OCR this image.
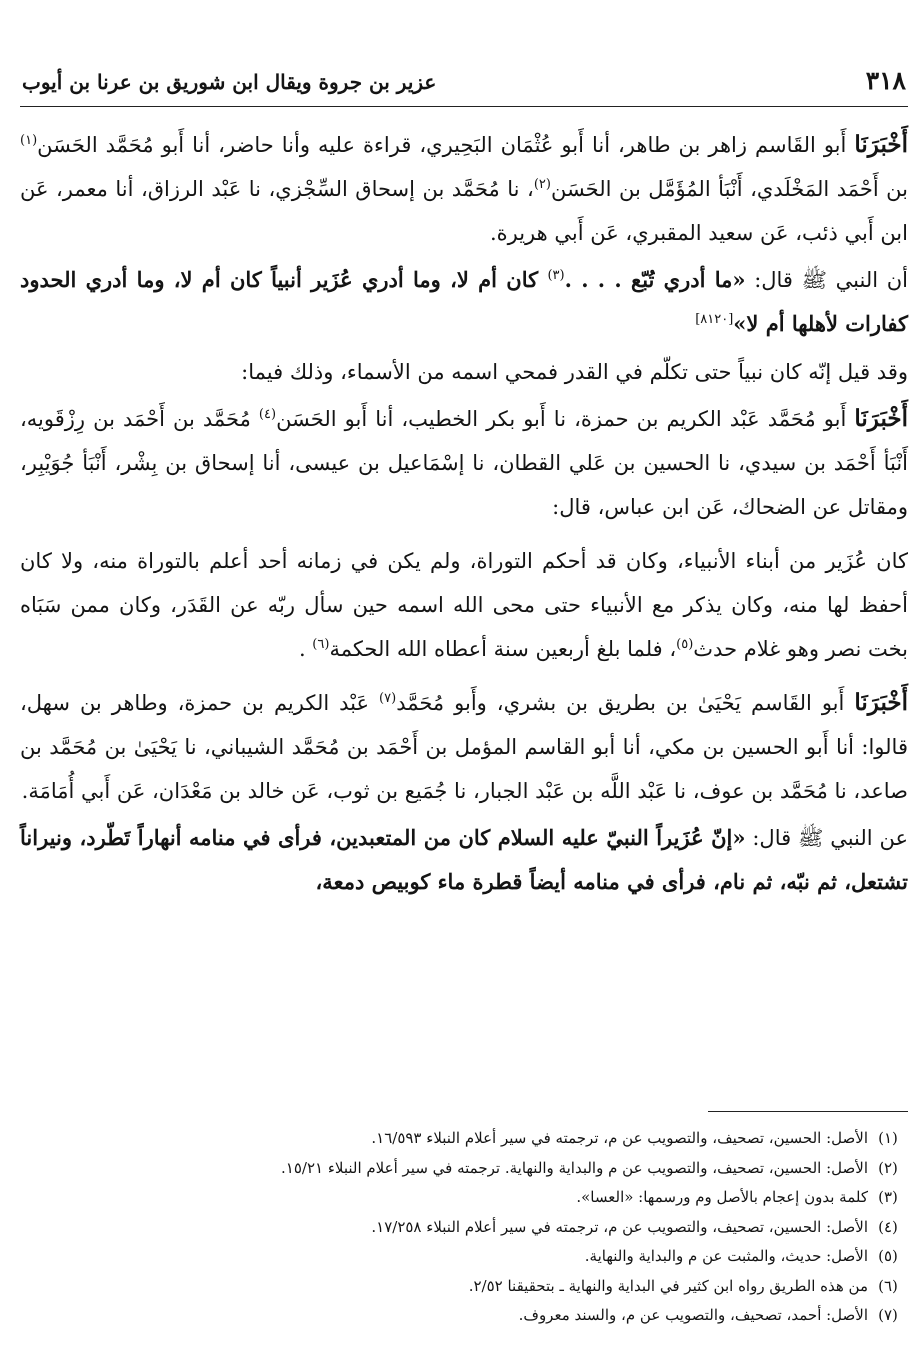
٣١٨
عزير بن جروة ويقال ابن شوريق بن عرنا بن أيوب

أَخْبَرَنَا أَبو القَاسم زاهر بن طاهر، أنا أَبو عُثْمَان البَحِيري، قراءة عليه وأنا حاضر، أنا أَبو مُحَمَّد الحَسَن$^{(١)}$ بن أَحْمَد المَخْلَدي، أَنْبَأ المُؤَمَّل بن الحَسَن$^{(٢)}$، نا مُحَمَّد بن إسحاق السِّجْزي، نا عَبْد الرزاق، أنا معمر، عَن ابن أَبي ذئب، عَن سعيد المقبري، عَن أَبي هريرة.

أن النبي ﷺ قال: «ما أدري تُبّع . . . .$^{(٣)}$ كان أم لا، وما أدري عُزَير أنبياً كان أم لا، وما أدري الحدود كفارات لأهلها أم لا»[٨١٢٠]

وقد قيل إنّه كان نبياً حتى تكلّم في القدر فمحي اسمه من الأسماء، وذلك فيما:

أَخْبَرَنَا أَبو مُحَمَّد عَبْد الكريم بن حمزة، نا أَبو بكر الخطيب، أنا أَبو الحَسَن$^{(٤)}$ مُحَمَّد بن أَحْمَد بن رِزْقَويه، أَنْبَأ أَحْمَد بن سيدي، نا الحسين بن عَلي القطان، نا إسْمَاعيل بن عيسى، أنا إسحاق بن بِشْر، أَنْبَأ جُوَيْبِر، ومقاتل عن الضحاك، عَن ابن عباس، قال:

كان عُزَير من أبناء الأنبياء، وكان قد أحكم التوراة، ولم يكن في زمانه أحد أعلم بالتوراة منه، ولا كان أحفظ لها منه، وكان يذكر مع الأنبياء حتى محى الله اسمه حين سأل ربّه عن القَدَر، وكان ممن سَبَاه بخت نصر وهو غلام حدث$^{(٥)}$، فلما بلغ أربعين سنة أعطاه الله الحكمة$^{(٦)}$ .

أَخْبَرَنَا أَبو القَاسم يَحْيَىٰ بن بطريق بن بشري، وأَبو مُحَمَّد$^{(٧)}$ عَبْد الكريم بن حمزة، وطاهر بن سهل، قالوا: أنا أَبو الحسين بن مكي، أنا أبو القاسم المؤمل بن أَحْمَد بن مُحَمَّد الشيباني، نا يَحْيَىٰ بن مُحَمَّد بن صاعد، نا مُحَمَّد بن عوف، نا عَبْد اللَّه بن عَبْد الجبار، نا جُمَيع بن ثوب، عَن خالد بن مَعْدَان، عَن أَبي أُمَامَة.

عن النبي ﷺ قال: «إنّ عُزَيراً النبيّ عليه السلام كان من المتعبدين، فرأى في منامه أنهاراً تَطّرد، ونيراناً تشتعل، ثم نبّه، ثم نام، فرأى في منامه أيضاً قطرة ماء كوبيص دمعة،

(١)
الأصل: الحسين، تصحيف، والتصويب عن م، ترجمته في سير أعلام النبلاء ١٦/٥٩٣.
(٢)
الأصل: الحسين، تصحيف، والتصويب عن م والبداية والنهاية. ترجمته في سير أعلام النبلاء ١٥/٢١.
(٣)
كلمة بدون إعجام بالأصل وم ورسمها: «العسا».
(٤)
الأصل: الحسين، تصحيف، والتصويب عن م، ترجمته في سير أعلام النبلاء ١٧/٢٥٨.
(٥)
الأصل: حديث، والمثبت عن م والبداية والنهاية.
(٦)
من هذه الطريق رواه ابن كثير في البداية والنهاية ـ بتحقيقنا ٢/٥٢.
(٧)
الأصل: أحمد، تصحيف، والتصويب عن م، والسند معروف.
